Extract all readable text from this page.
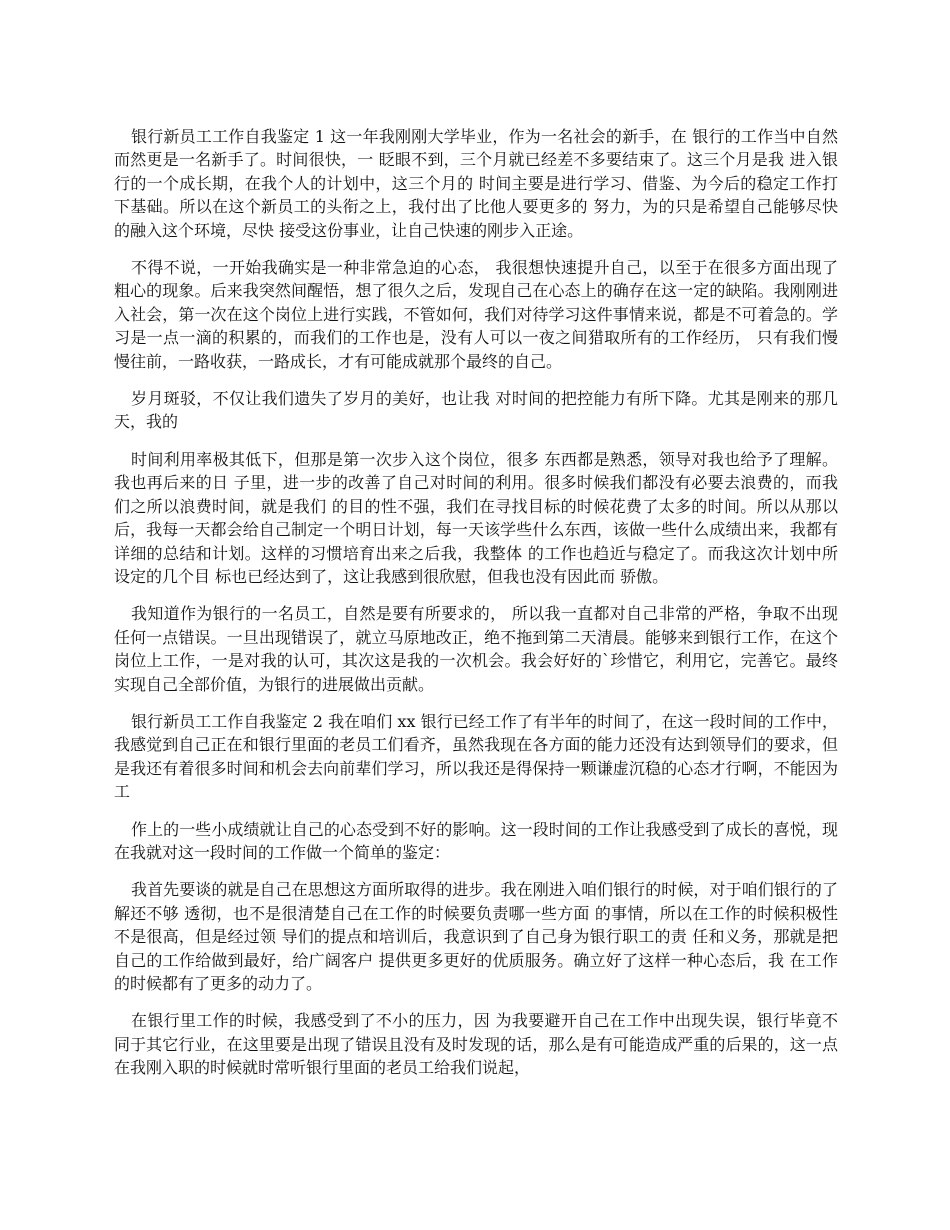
银行新员工工作自我鉴定 1 这一年我刚刚大学毕业，作为一名社会的新手，在 银行的工作当中自然而然更是一名新手了。时间很快，一 眨眼不到，三个月就已经差不多要结束了。这三个月是我 进入银行的一个成长期，在我个人的计划中，这三个月的 时间主要是进行学习、借鉴、为今后的稳定工作打下基础。所以在这个新员工的头衔之上，我付出了比他人要更多的 努力，为的只是希望自己能够尽快的融入这个环境，尽快 接受这份事业，让自己快速的刚步入正途。

不得不说，一开始我确实是一种非常急迫的心态， 我很想快速提升自己，以至于在很多方面出现了粗心的现象。后来我突然间醒悟，想了很久之后，发现自己在心态上的确存在这一定的缺陷。我刚刚进入社会，第一次在这个岗位上进行实践，不管如何，我们对待学习这件事情来说，都是不可着急的。学习是一点一滴的积累的，而我们的工作也是，没有人可以一夜之间猎取所有的工作经历， 只有我们慢慢往前，一路收获，一路成长，才有可能成就那个最终的自己。

岁月斑驳，不仅让我们遗失了岁月的美好，也让我 对时间的把控能力有所下降。尤其是刚来的那几天，我的

时间利用率极其低下，但那是第一次步入这个岗位，很多 东西都是熟悉，领导对我也给予了理解。我也再后来的日 子里，进一步的改善了自己对时间的利用。很多时候我们都没有必要去浪费的，而我们之所以浪费时间，就是我们 的目的性不强，我们在寻找目标的时候花费了太多的时间。所以从那以后，我每一天都会给自己制定一个明日计划，每一天该学些什么东西，该做一些什么成绩出来，我都有 详细的总结和计划。这样的习惯培育出来之后我，我整体 的工作也趋近与稳定了。而我这次计划中所设定的几个目 标也已经达到了，这让我感到很欣慰，但我也没有因此而 骄傲。

我知道作为银行的一名员工，自然是要有所要求的， 所以我一直都对自己非常的严格，争取不出现任何一点错误。一旦出现错误了，就立马原地改正，绝不拖到第二天清晨。能够来到银行工作，在这个岗位上工作，一是对我的认可，其次这是我的一次机会。我会好好的`珍惜它，利用它，完善它。最终实现自己全部价值，为银行的进展做出贡献。

银行新员工工作自我鉴定 2 我在咱们 xx 银行已经工作了有半年的时间了，在这一段时间的工作中，我感觉到自己正在和银行里面的老员工们看齐，虽然我现在各方面的能力还没有达到领导们的要求，但是我还有着很多时间和机会去向前辈们学习，所以我还是得保持一颗谦虚沉稳的心态才行啊，不能因为工

作上的一些小成绩就让自己的心态受到不好的影响。这一段时间的工作让我感受到了成长的喜悦，现在我就对这一段时间的工作做一个简单的鉴定：

我首先要谈的就是自己在思想这方面所取得的进步。我在刚进入咱们银行的时候，对于咱们银行的了解还不够 透彻，也不是很清楚自己在工作的时候要负责哪一些方面 的事情，所以在工作的时候积极性不是很高，但是经过领 导们的提点和培训后，我意识到了自己身为银行职工的责 任和义务，那就是把自己的工作给做到最好，给广阔客户 提供更多更好的优质服务。确立好了这样一种心态后，我 在工作的时候都有了更多的动力了。

在银行里工作的时候，我感受到了不小的压力，因 为我要避开自己在工作中出现失误，银行毕竟不同于其它行业，在这里要是出现了错误且没有及时发现的话，那么是有可能造成严重的后果的，这一点在我刚入职的时候就时常听银行里面的老员工给我们说起，
